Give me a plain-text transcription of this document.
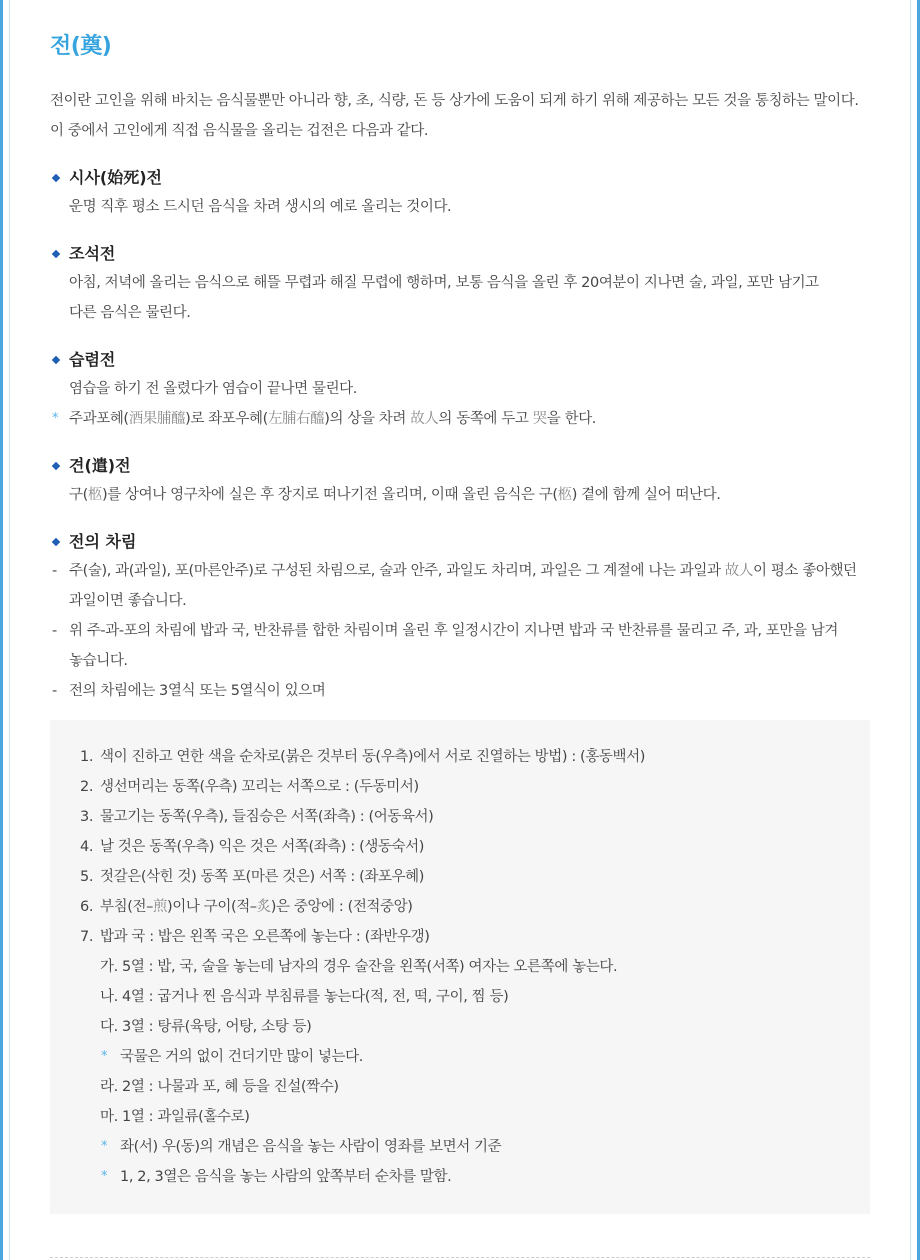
전(奠)
전이란 고인을 위해 바치는 음식물뿐만 아니라 향, 초, 식량, 돈 등 상가에 도움이 되게 하기 위해 제공하는 모든 것을 통칭하는 말이다.
이 중에서 고인에게 직접 음식물을 올리는 겁전은 다음과 같다.
시사(始死)전
운명 직후 평소 드시던 음식을 차려 생시의 예로 올리는 것이다.
조석전
아침, 저녁에 올리는 음식으로 해뜰 무렵과 해질 무렵에 행하며, 보통 음식을 올린 후 20여분이 지나면 술, 과일, 포만 남기고
다른 음식은 물린다.
습렴전
염습을 하기 전 올렸다가 염습이 끝나면 물린다.
* 주과포혜(酒果脯醯)로 좌포우혜(左脯右醯)의 상을 차려 故人의 동쪽에 두고 哭을 한다.
견(遣)전
구(柩)를 상여나 영구차에 실은 후 장지로 떠나기전 올리며, 이때 올린 음식은 구(柩) 곁에 함께 실어 떠난다.
전의 차림
- 주(술), 과(과일), 포(마른안주)로 구성된 차림으로, 술과 안주, 과일도 차리며, 과일은 그 계절에 나는 과일과 故人이 평소 좋아했던
과일이면 좋습니다.
- 위 주-과-포의 차림에 밥과 국, 반찬류를 합한 차림이며 올린 후 일정시간이 지나면 밥과 국 반찬류를 물리고 주, 과, 포만을 남겨
놓습니다.
- 전의 차림에는 3열식 또는 5열식이 있으며
1. 색이 진하고 연한 색을 순차로(붉은 것부터 동(우측)에서 서로 진열하는 방법) : (홍동백서)
2. 생선머리는 동쪽(우측) 꼬리는 서쪽으로 : (두동미서)
3. 물고기는 동쪽(우측), 들짐승은 서쪽(좌측) : (어동육서)
4. 날 것은 동쪽(우측) 익은 것은 서쪽(좌측) : (생동숙서)
5. 젓갈은(삭힌 것) 동쪽 포(마른 것은) 서쪽 : (좌포우혜)
6. 부침(전–煎)이나 구이(적–炙)은 중앙에 : (전적중앙)
7. 밥과 국 : 밥은 왼쪽 국은 오른쪽에 놓는다 : (좌반우갱)
가. 5열 : 밥, 국, 술을 놓는데 남자의 경우 술잔을 왼쪽(서쪽) 여자는 오른쪽에 놓는다.
나. 4열 : 굽거나 찐 음식과 부침류를 놓는다(적, 전, 떡, 구이, 찜 등)
다. 3열 : 탕류(육탕, 어탕, 소탕 등)
* 국물은 거의 없이 건더기만 많이 넣는다.
라. 2열 : 나물과 포, 혜 등을 진설(짝수)
마. 1열 : 과일류(홀수로)
* 좌(서) 우(동)의 개념은 음식을 놓는 사람이 영좌를 보면서 기준
* 1, 2, 3열은 음식을 놓는 사람의 앞쪽부터 순차를 말함.
